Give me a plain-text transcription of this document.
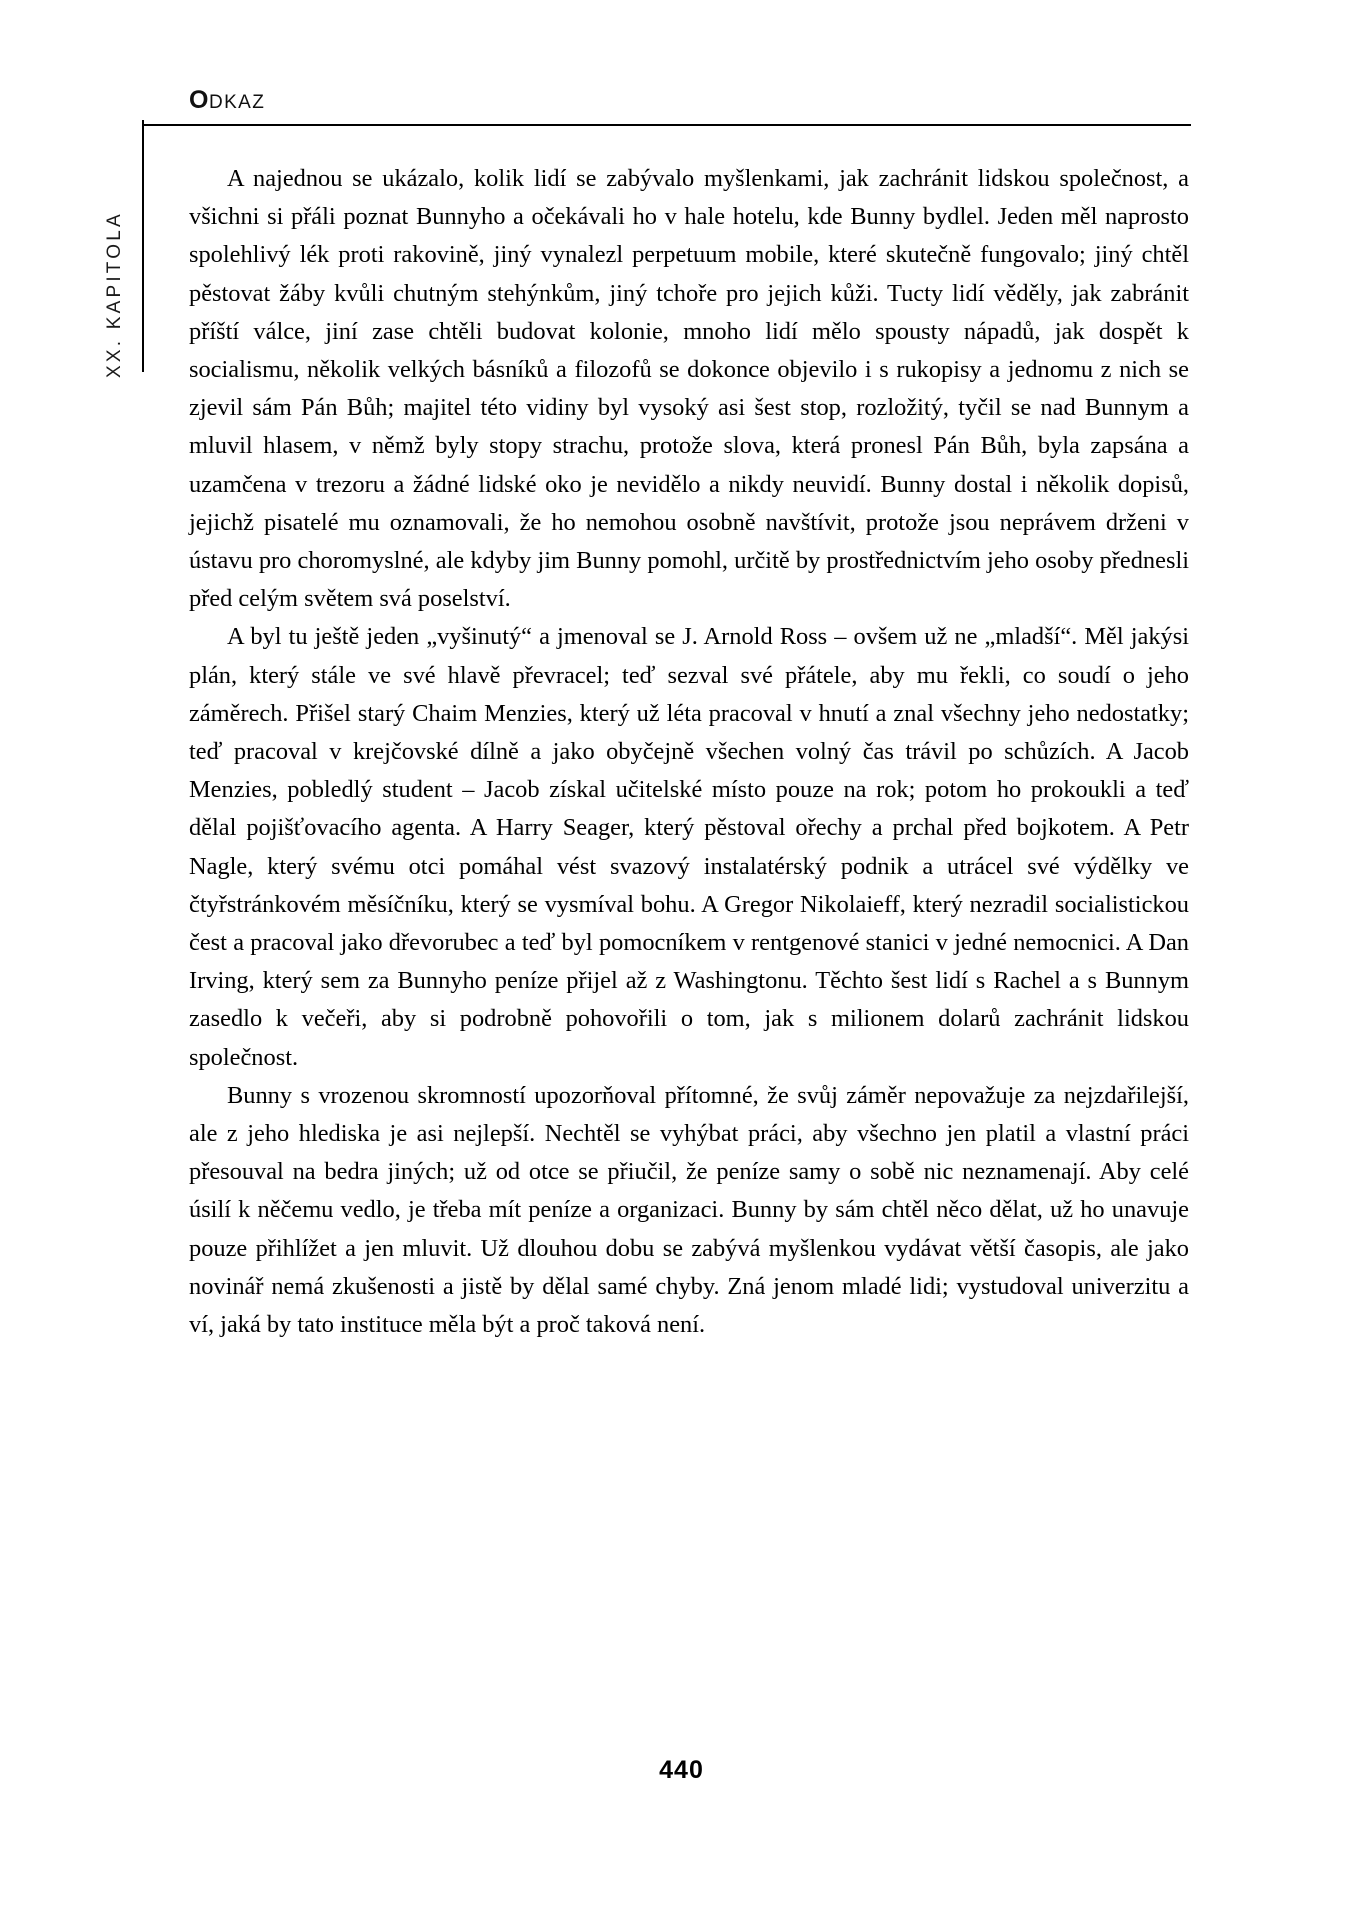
XX. KAPITOLA
ODKAZ

A najednou se ukázalo, kolik lidí se zabývalo myšlenkami, jak zachránit lidskou společnost, a všichni si přáli poznat Bunnyho a očekávali ho v hale hotelu, kde Bunny bydlel. Jeden měl naprosto spolehlivý lék proti rakovině, jiný vynalezl perpetuum mobile, které skutečně fungovalo; jiný chtěl pěstovat žáby kvůli chutným stehýnkům, jiný tchoře pro jejich kůži. Tucty lidí věděly, jak zabránit příští válce, jiní zase chtěli budovat kolonie, mnoho lidí mělo spousty nápadů, jak dospět k socialismu, několik velkých básníků a filozofů se dokonce objevilo i s rukopisy a jednomu z nich se zjevil sám Pán Bůh; majitel této vidiny byl vysoký asi šest stop, rozložitý, tyčil se nad Bunnym a mluvil hlasem, v němž byly stopy strachu, protože slova, která pronesl Pán Bůh, byla zapsána a uzamčena v trezoru a žádné lidské oko je nevidělo a nikdy neuvidí. Bunny dostal i několik dopisů, jejichž pisatelé mu oznamovali, že ho nemohou osobně navštívit, protože jsou neprávem drženi v ústavu pro choromyslné, ale kdyby jim Bunny pomohl, určitě by prostřednictvím jeho osoby přednesli před celým světem svá poselství.

A byl tu ještě jeden „vyšinutý“ a jmenoval se J. Arnold Ross – ovšem už ne „mladší“. Měl jakýsi plán, který stále ve své hlavě převracel; teď sezval své přátele, aby mu řekli, co soudí o jeho záměrech. Přišel starý Chaim Menzies, který už léta pracoval v hnutí a znal všechny jeho nedostatky; teď pracoval v krejčovské dílně a jako obyčejně všechen volný čas trávil po schůzích. A Jacob Menzies, pobledlý student – Jacob získal učitelské místo pouze na rok; potom ho prokoukli a teď dělal pojišťovacího agenta. A Harry Seager, který pěstoval ořechy a prchal před bojkotem. A Petr Nagle, který svému otci pomáhal vést svazový instalatérský podnik a utrácel své výdělky ve čtyřstránkovém měsíčníku, který se vysmíval bohu. A Gregor Nikolaieff, který nezradil socialistickou čest a pracoval jako dřevorubec a teď byl pomocníkem v rentgenové stanici v jedné nemocnici. A Dan Irving, který sem za Bunnyho peníze přijel až z Washingtonu. Těchto šest lidí s Rachel a s Bunnym zasedlo k večeři, aby si podrobně pohovořili o tom, jak s milionem dolarů zachránit lidskou společnost.

Bunny s vrozenou skromností upozorňoval přítomné, že svůj záměr nepovažuje za nejzdařilejší, ale z jeho hlediska je asi nejlepší. Nechtěl se vyhýbat práci, aby všechno jen platil a vlastní práci přesouval na bedra jiných; už od otce se přiučil, že peníze samy o sobě nic neznamenají. Aby celé úsilí k něčemu vedlo, je třeba mít peníze a organizaci. Bunny by sám chtěl něco dělat, už ho unavuje pouze přihlížet a jen mluvit. Už dlouhou dobu se zabývá myšlenkou vydávat větší časopis, ale jako novinář nemá zkušenosti a jistě by dělal samé chyby. Zná jenom mladé lidi; vystudoval univerzitu a ví, jaká by tato instituce měla být a proč taková není.

440
